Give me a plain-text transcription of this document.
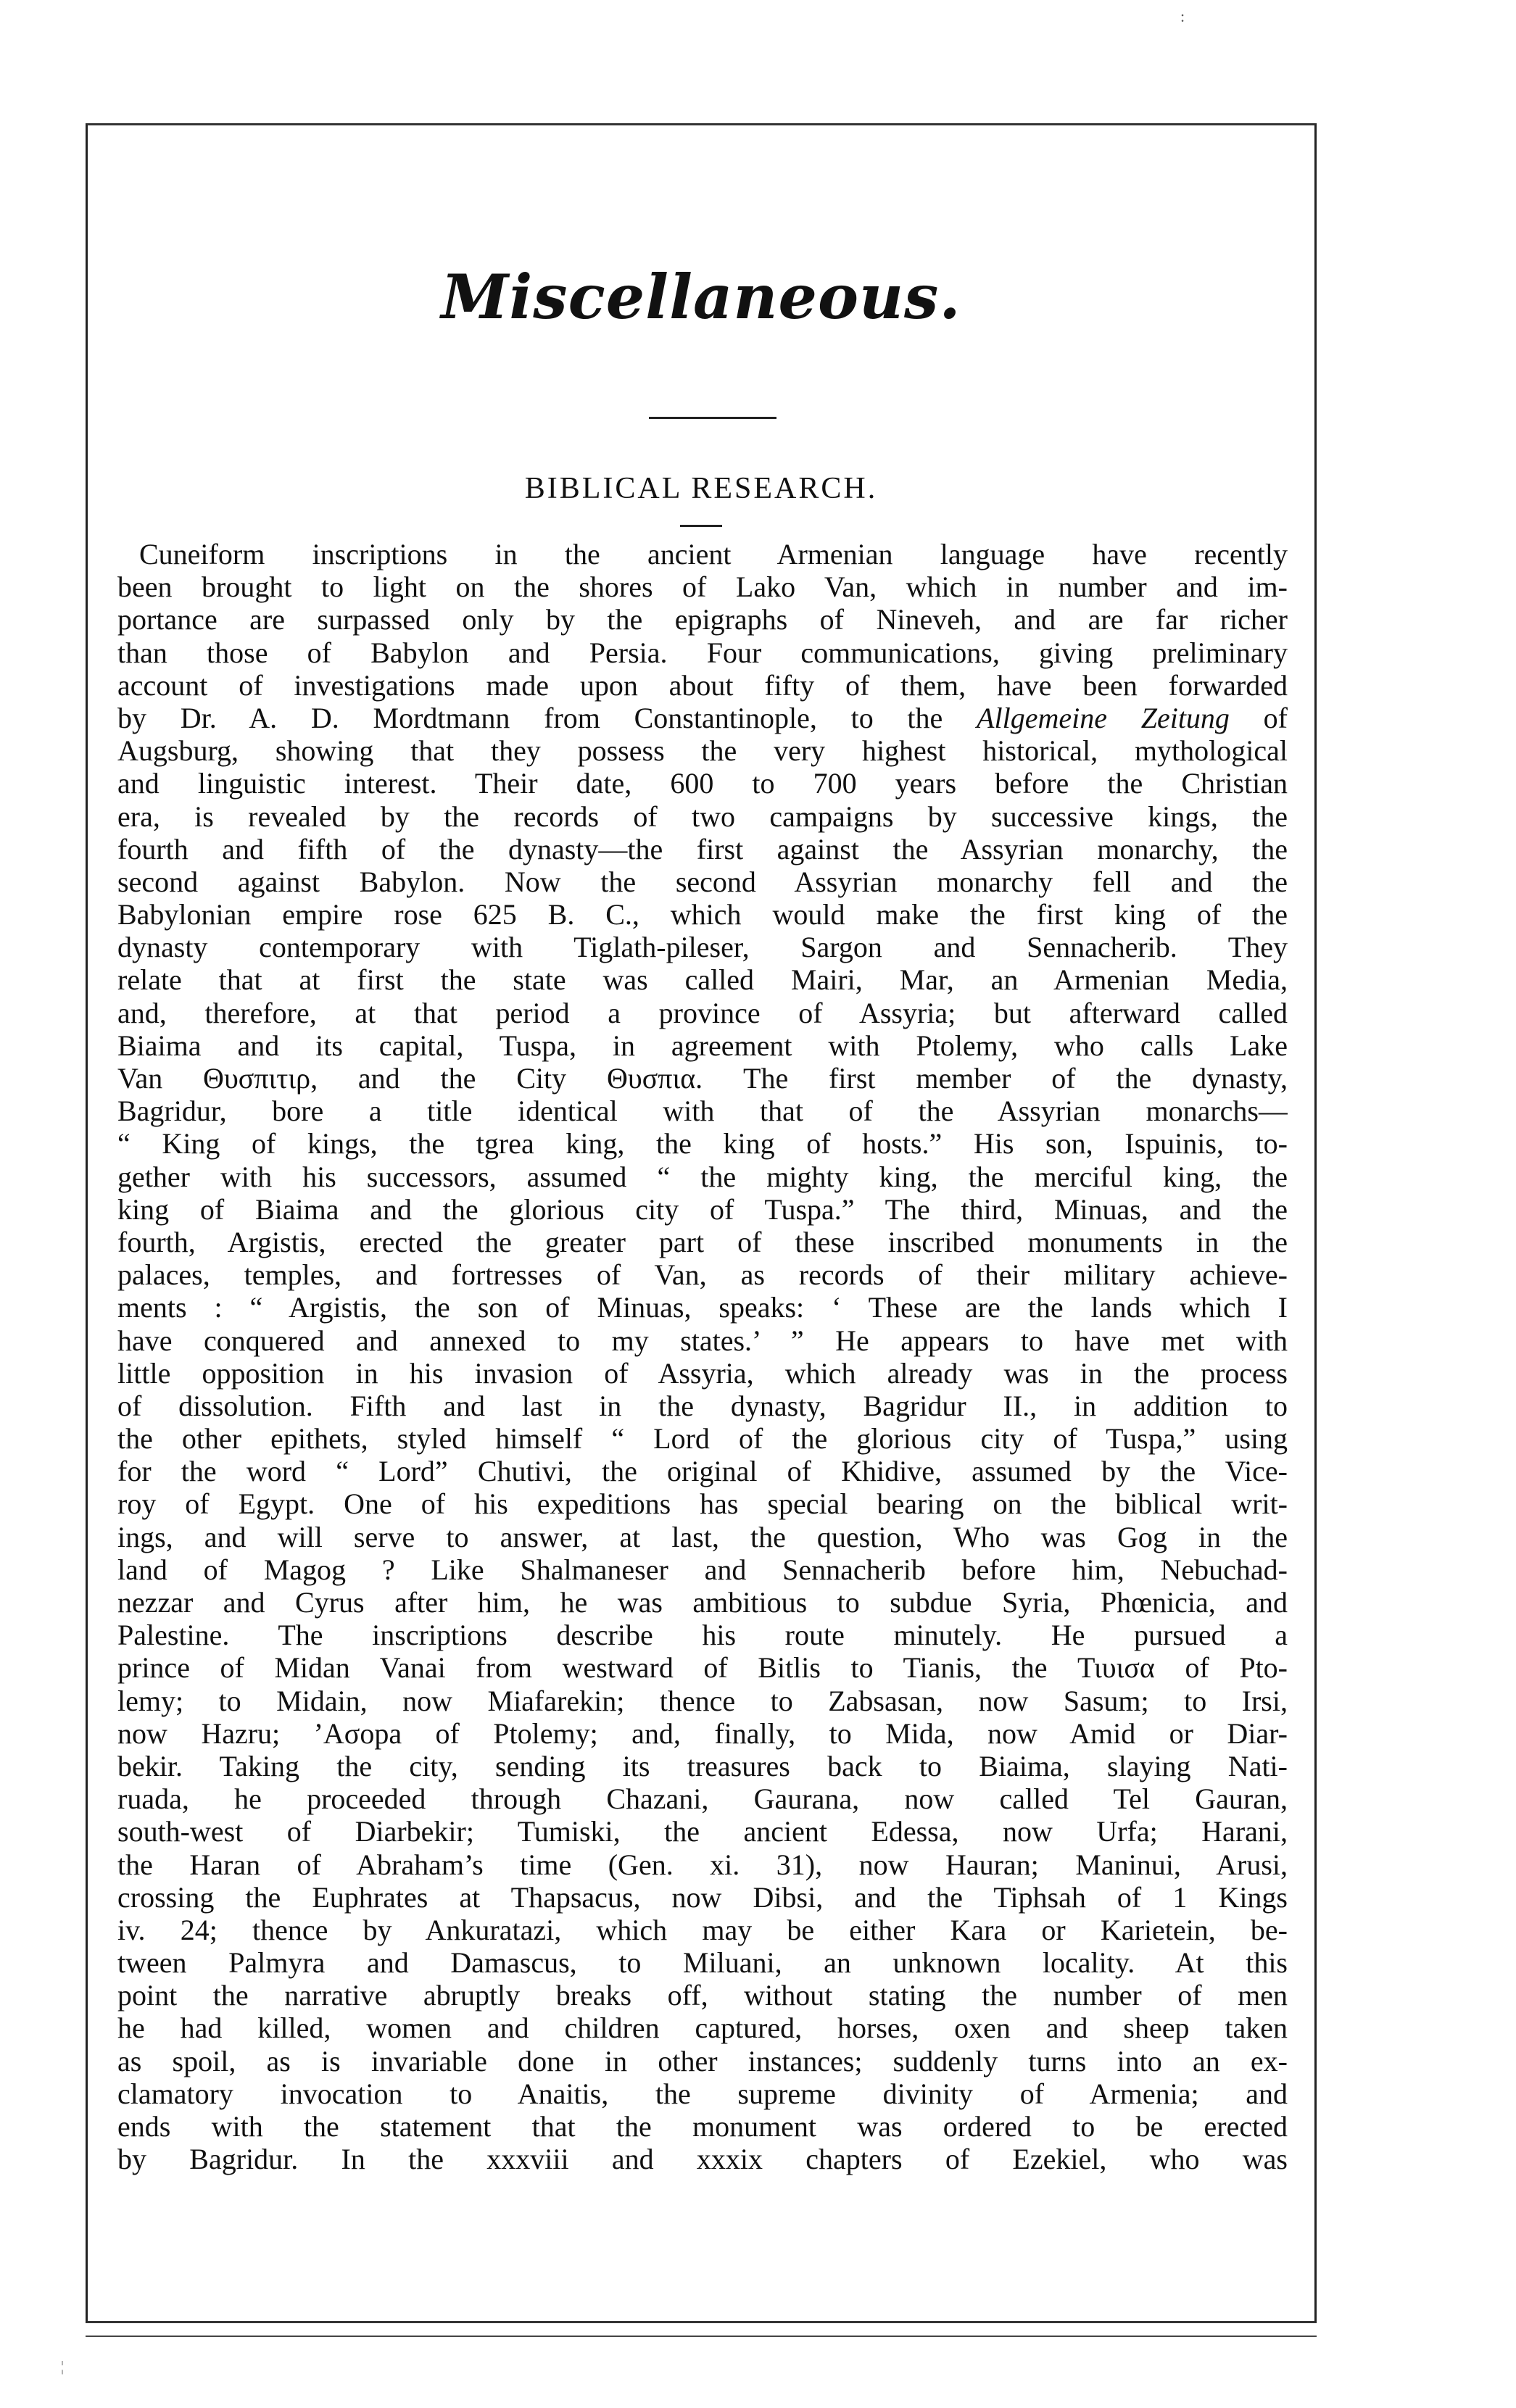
:
Miscellaneous.
BIBLICAL RESEARCH.
Cuneiform inscriptions in the ancient Armenian language have recently
been brought to light on the shores of Lako Van, which in number and im-
portance are surpassed only by the epigraphs of Nineveh, and are far richer
than those of Babylon and Persia. Four communications, giving preliminary
account of investigations made upon about fifty of them, have been forwarded
by Dr. A. D. Mordtmann from Constantinople, to the Allgemeine Zeitung of
Augsburg, showing that they possess the very highest historical, mythological
and linguistic interest. Their date, 600 to 700 years before the Christian
era, is revealed by the records of two campaigns by successive kings, the
fourth and fifth of the dynasty—the first against the Assyrian monarchy, the
second against Babylon. Now the second Assyrian monarchy fell and the
Babylonian empire rose 625 B. C., which would make the first king of the
dynasty contemporary with Tiglath-pileser, Sargon and Sennacherib. They
relate that at first the state was called Mairi, Mar, an Armenian Media,
and, therefore, at that period a province of Assyria; but afterward called
Biaima and its capital, Tuspa, in agreement with Ptolemy, who calls Lake
Van Θυσπιτιρ, and the City Θυσπια. The first member of the dynasty,
Bagridur, bore a title identical with that of the Assyrian monarchs—
“ King of kings, the tgrea king, the king of hosts.” His son, Ispuinis, to-
gether with his successors, assumed “ the mighty king, the merciful king, the
king of Biaima and the glorious city of Tuspa.” The third, Minuas, and the
fourth, Argistis, erected the greater part of these inscribed monuments in the
palaces, temples, and fortresses of Van, as records of their military achieve-
ments : “ Argistis, the son of Minuas, speaks: ‘ These are the lands which I
have conquered and annexed to my states.’ ” He appears to have met with
little opposition in his invasion of Assyria, which already was in the process
of dissolution. Fifth and last in the dynasty, Bagridur II., in addition to
the other epithets, styled himself “ Lord of the glorious city of Tuspa,” using
for the word “ Lord” Chutivi, the original of Khidive, assumed by the Vice-
roy of Egypt. One of his expeditions has special bearing on the biblical writ-
ings, and will serve to answer, at last, the question, Who was Gog in the
land of Magog ? Like Shalmaneser and Sennacherib before him, Nebuchad-
nezzar and Cyrus after him, he was ambitious to subdue Syria, Phœnicia, and
Palestine. The inscriptions describe his route minutely. He pursued a
prince of Midan Vanai from westward of Bitlis to Tianis, the Τιυισα of Pto-
lemy; to Midain, now Miafarekin; thence to Zabsasan, now Sasum; to Irsi,
now Hazru; ’Aσopa of Ptolemy; and, finally, to Mida, now Amid or Diar-
bekir. Taking the city, sending its treasures back to Biaima, slaying Nati-
ruada, he proceeded through Chazani, Gaurana, now called Tel Gauran,
south-west of Diarbekir; Tumiski, the ancient Edessa, now Urfa; Harani,
the Haran of Abraham’s time (Gen. xi. 31), now Hauran; Maninui, Arusi,
crossing the Euphrates at Thapsacus, now Dibsi, and the Tiphsah of 1 Kings
iv. 24; thence by Ankuratazi, which may be either Kara or Karietein, be-
tween Palmyra and Damascus, to Miluani, an unknown locality. At this
point the narrative abruptly breaks off, without stating the number of men
he had killed, women and children captured, horses, oxen and sheep taken
as spoil, as is invariable done in other instances; suddenly turns into an ex-
clamatory invocation to Anaitis, the supreme divinity of Armenia; and
ends with the statement that the monument was ordered to be erected
by Bagridur. In the xxxviii and xxxix chapters of Ezekiel, who was
¦
